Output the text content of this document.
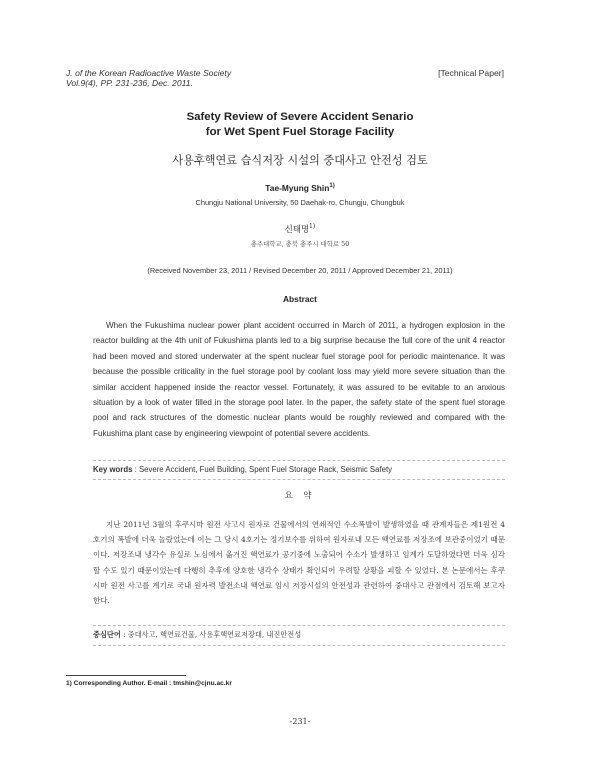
J. of the Korean Radioactive Waste Society
Vol.9(4), PP. 231-236, Dec. 2011.
[Technical Paper]
Safety Review of Severe Accident Senario
for Wet Spent Fuel Storage Facility
사용후핵연료 습식저장 시설의 중대사고 안전성 검토
Tae-Myung Shin$^{1)}$
Chungju National University, 50 Daehak-ro, Chungju, Chungbuk
신태명$^{1)}$
충주대학교, 충북 충주시 대학로 50
(Received November 23, 2011 / Revised December 20, 2011 / Approved December 21, 2011)
Abstract
When the Fukushima nuclear power plant accident occurred in March of 2011, a hydrogen explosion in the reactor building at the 4th unit of Fukushima plants led to a big surprise because the full core of the unit 4 reactor had been moved and stored underwater at the spent nuclear fuel storage pool for periodic maintenance. It was because the possible criticality in the fuel storage pool by coolant loss may yield more severe situation than the similar accident happened inside the reactor vessel. Fortunately, it was assured to be evitable to an anxious situation by a look of water filled in the storage pool later. In the paper, the safety state of the spent fuel storage pool and rack structures of the domestic nuclear plants would be roughly reviewed and compared with the Fukushima plant case by engineering viewpoint of potential severe accidents.
Key words : Severe Accident, Fuel Building, Spent Fuel Storage Rack, Seismic Safety
요 약
지난 2011년 3월의 후쿠시마 원전 사고시 원자로 건물에서의 연쇄적인 수소폭발이 발생하였을 때 관계자들은 제1원전 4호기의 폭발에 더욱 놀랐었는데 이는 그 당시 4호기는 정기보수를 위하여 원자로내 모든 핵연료를 저장조에 보관중이었기 때문이다. 저장조내 냉각수 유실로 노심에서 옮겨진 핵연료가 공기중에 노출되어 수소가 발생하고 임계가 도달하였다면 더욱 심각할 수도 있기 때문이었는데 다행히 추후에 양호한 냉각수 상태가 확인되어 우려할 상황을 피할 수 있었다. 본 논문에서는 후쿠시마 원전 사고를 계기로 국내 원자력 발전소내 핵연료 임시 저장시설의 안전성과 관련하여 중대사고 관점에서 검토해 보고자 한다.
중심단어 : 중대사고, 핵연료건물, 사용후핵연료저장대, 내진안전성
1) Corresponding Author. E-mail : tmshin@cjnu.ac.kr
-231-
